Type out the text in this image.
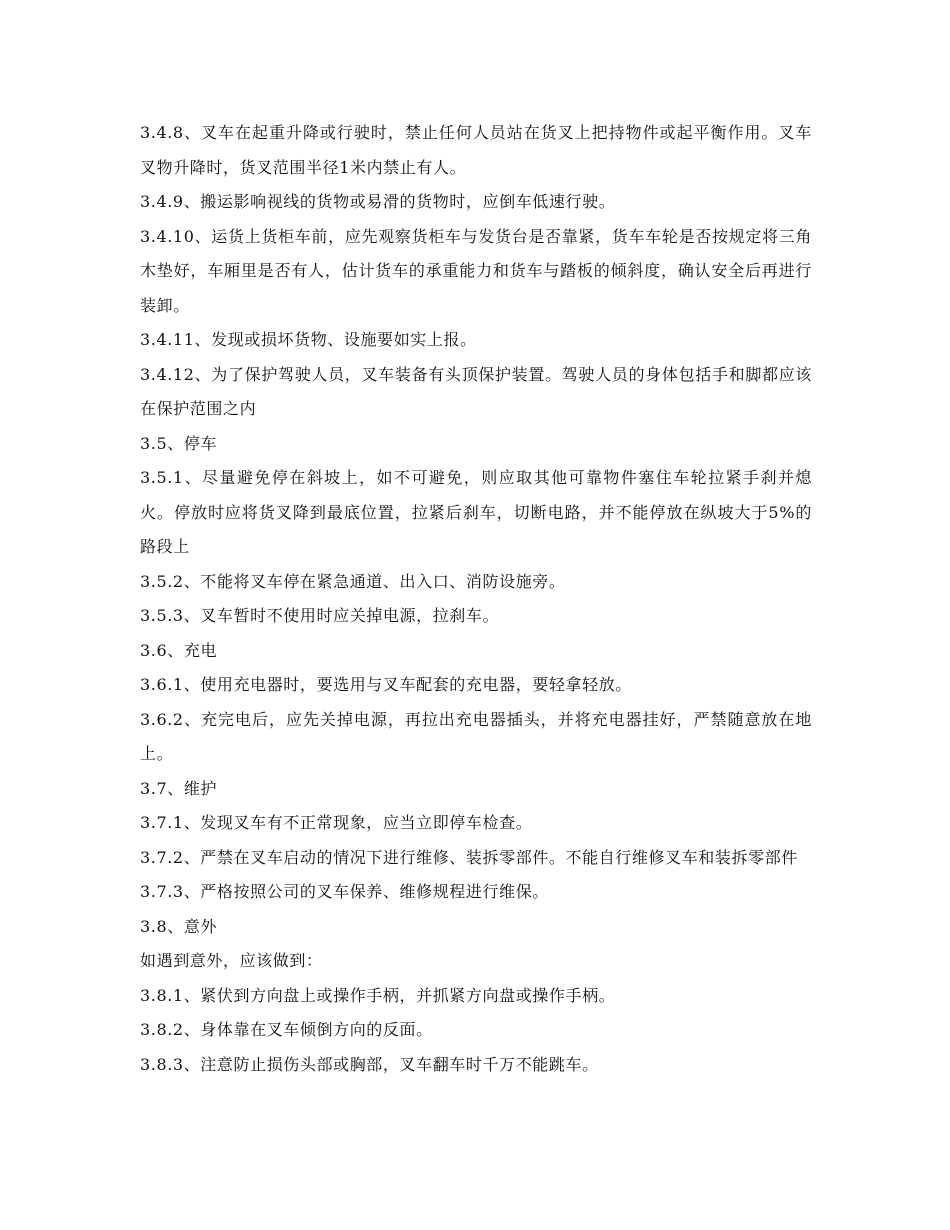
3.4.8、叉车在起重升降或行驶时，禁止任何人员站在货叉上把持物件或起平衡作用。叉车叉物升降时，货叉范围半径1米内禁止有人。

3.4.9、搬运影响视线的货物或易滑的货物时，应倒车低速行驶。

3.4.10、运货上货柜车前，应先观察货柜车与发货台是否靠紧，货车车轮是否按规定将三角木垫好，车厢里是否有人，估计货车的承重能力和货车与踏板的倾斜度，确认安全后再进行装卸。

3.4.11、发现或损坏货物、设施要如实上报。

3.4.12、为了保护驾驶人员，叉车装备有头顶保护装置。驾驶人员的身体包括手和脚都应该在保护范围之内

3.5、停车

3.5.1、尽量避免停在斜坡上，如不可避免，则应取其他可靠物件塞住车轮拉紧手刹并熄火。停放时应将货叉降到最底位置，拉紧后刹车，切断电路，并不能停放在纵坡大于5%的路段上

3.5.2、不能将叉车停在紧急通道、出入口、消防设施旁。

3.5.3、叉车暂时不使用时应关掉电源，拉刹车。

3.6、充电

3.6.1、使用充电器时，要选用与叉车配套的充电器，要轻拿轻放。

3.6.2、充完电后，应先关掉电源，再拉出充电器插头，并将充电器挂好，严禁随意放在地上。

3.7、维护

3.7.1、发现叉车有不正常现象，应当立即停车检查。

3.7.2、严禁在叉车启动的情况下进行维修、装拆零部件。不能自行维修叉车和装拆零部件

3.7.3、严格按照公司的叉车保养、维修规程进行维保。

3.8、意外

如遇到意外，应该做到：

3.8.1、紧伏到方向盘上或操作手柄，并抓紧方向盘或操作手柄。

3.8.2、身体靠在叉车倾倒方向的反面。

3.8.3、注意防止损伤头部或胸部，叉车翻车时千万不能跳车。
